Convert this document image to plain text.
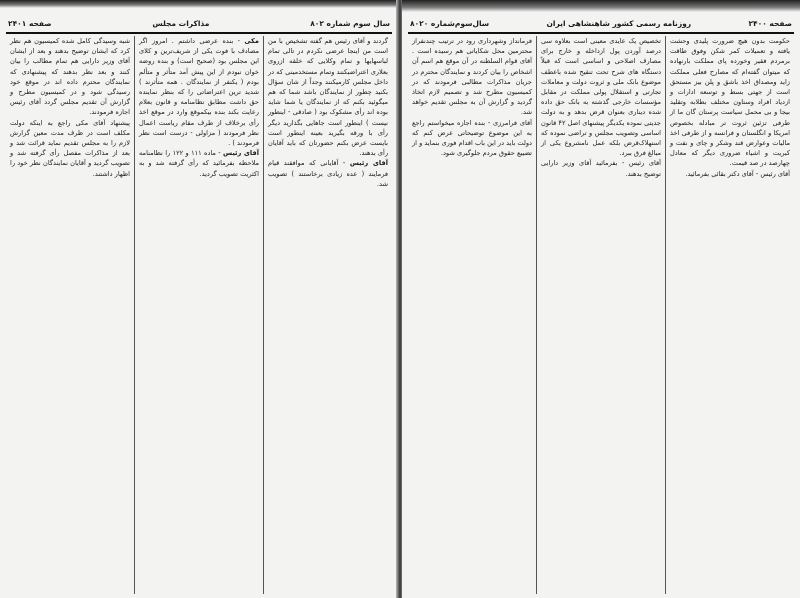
سال سوم شماره ۸۰۲
مذاکرات مجلس
صفحه ۲۴۰۱

گردند و آقای رئیس هم گفته تشخیص با من است من اینجا عرضی نکردم در تالی تمام لباسهایها و تمام وکلایی که خلقه ازروی بعلاری اعتراضبکنند وتمام مستخدمینی که در داخل مجلس کارمیکنند وجداً از شان سؤال بکنید چطور از نمایندگان باشد شما که هم میگوئید بکنم که از نمایندگان یا شما شاید بوده اند رأی مشکوک بود ( صادقی - اینطور نیست ) اینطور است جاهایی بگذارید دیگر رأی با ورقه بگیرید بعینه اینطور است بایست عرض بکنم حضورتان که باید آقایان رأی بدهند.

آقای رئیس - آقایانی که موافقند قیام فرمایند ( عده زیادی برخاستند ) تصویب شد.

مکی - بنده عرضی داشتم . امروز اگر مصادف با فوت یکی از شریف‌ترین و کلای این مجلس بود (صحیح است) و بنده روضه خوان نبودم از این پیش آمد متأثر و متألم بودم ( یکنفر از نمایندگان . همه متأثرند ) شدید ترین اعتراضاتی را که بنظر نماینده حق داشت مطابق نظامنامه و قانون بعلام رعایت بکند بنده بیکموقع وارد در موقع اخذ رأی برخلاف از طرف مقام ریاست اعمال نظر فرمودند ( مزاولی - درست است نظر فرمودند ) .

آقای رئیس - ماده ۱۱۱ و ۱۲۲ را نظامنامه ملاحظه بفرمائید که رأی گرفته شد و به اکثریت تصویب گردید.

شبه وسیدگی کامل شده کمیسیون هم نظر کرد که ایشان توضیح بدهند و بعد از ایشان آقای وزیر دارایی هم تمام مطالب را بیان کنند و بعد نظر بدهند که پیشنهادی که نمایندگان محترم داده اند در موقع خود رسیدگی شود و در کمیسیون مطرح و گزارش آن تقدیم مجلس گردد آقای رئیس اجازه فرمودند.

پیشنهاد آقای مکی راجع به اینکه دولت مکلف است در ظرف مدت معین گزارش لازم را به مجلس تقدیم نماید قرائت شد و بعد از مذاکرات مفصل رأی گرفته شد و تصویب گردید و آقایان نمایندگان نظر خود را اظهار داشتند.

صفحه ۲۴۰۰
روزنامه رسمی کشور شاهنشاهی ایران
سال‌سوم‌شماره ۸۰۲۰

حکومت بدون هیچ ضرورت پلیدی وحشت یافته و تعمیلات کمر شکن وفوق طاقت برمردم فقیر وخورده پای مملکت بارنهاده که میتوان گفته‌ام که مصارح فعلی مملکت زاید ومصداق اخذ باشق و پلن بیز مستحق است از جهتی بسط و توسعه ادارات و ازدیاد افراد وستاون مختلف بطلابه وتقلید بیجا و بی محمل سیاست پرستان گان ما از طرفی تزئین ثروت تر مبادله بخصوص امریکا و انگلستان و فرانسه و از طرفی اخذ مالیات وعوارض قند وشکر و چای و نفت و کبریت و اشیاء ضروری دیگر که معادل چهارصد در صد قیمت.

آقای رئیس - آقای دکتر بقائی بفرمائید.

تخصیص یک عایدی معینی است بعلاوه سی درصد آوردن پول ازداخله و خارج برای مصارف اصلاحی و اساسی است که قبلاً دستگاه های شرح تحت تنقیح شده باعطف موضوع بانک ملی و ثروت دولت و معاملات تجارتی و استقلال پولی مملکت در مقابل مؤسسات خارجی گذشته به بانک حق داده شده دیناری بعنوان قرض بدهد و به دولت جدیتی نموده یکدیگر پیشنهای اصل ۴۲ قانون اساسی وتصویب مجلس و تراضی نموده که استهلاک‌قرض بلکه عمل نامشروع یکی از مبالغ فرق ببرد.

آقای رئیس - بفرمائید آقای وزیر دارایی توضیح بدهند.

فرمانداز وشهرداری رود در ترتیب چندنفراز محترمین محل شکایاتی هم رسیده است . آقای قوام السلطنه در آن موقع هم اسم آن اشخاص را بیان کردند و نمایندگان محترم در جریان مذاکرات مطالبی فرمودند که در کمیسیون مطرح شد و تصمیم لازم اتخاذ گردید و گزارش آن به مجلس تقدیم خواهد شد.

آقای فرامرزی - بنده اجازه میخواستم راجع به این موضوع توضیحاتی عرض کنم که دولت باید در این باب اقدام فوری بنماید و از تضییع حقوق مردم جلوگیری شود.
